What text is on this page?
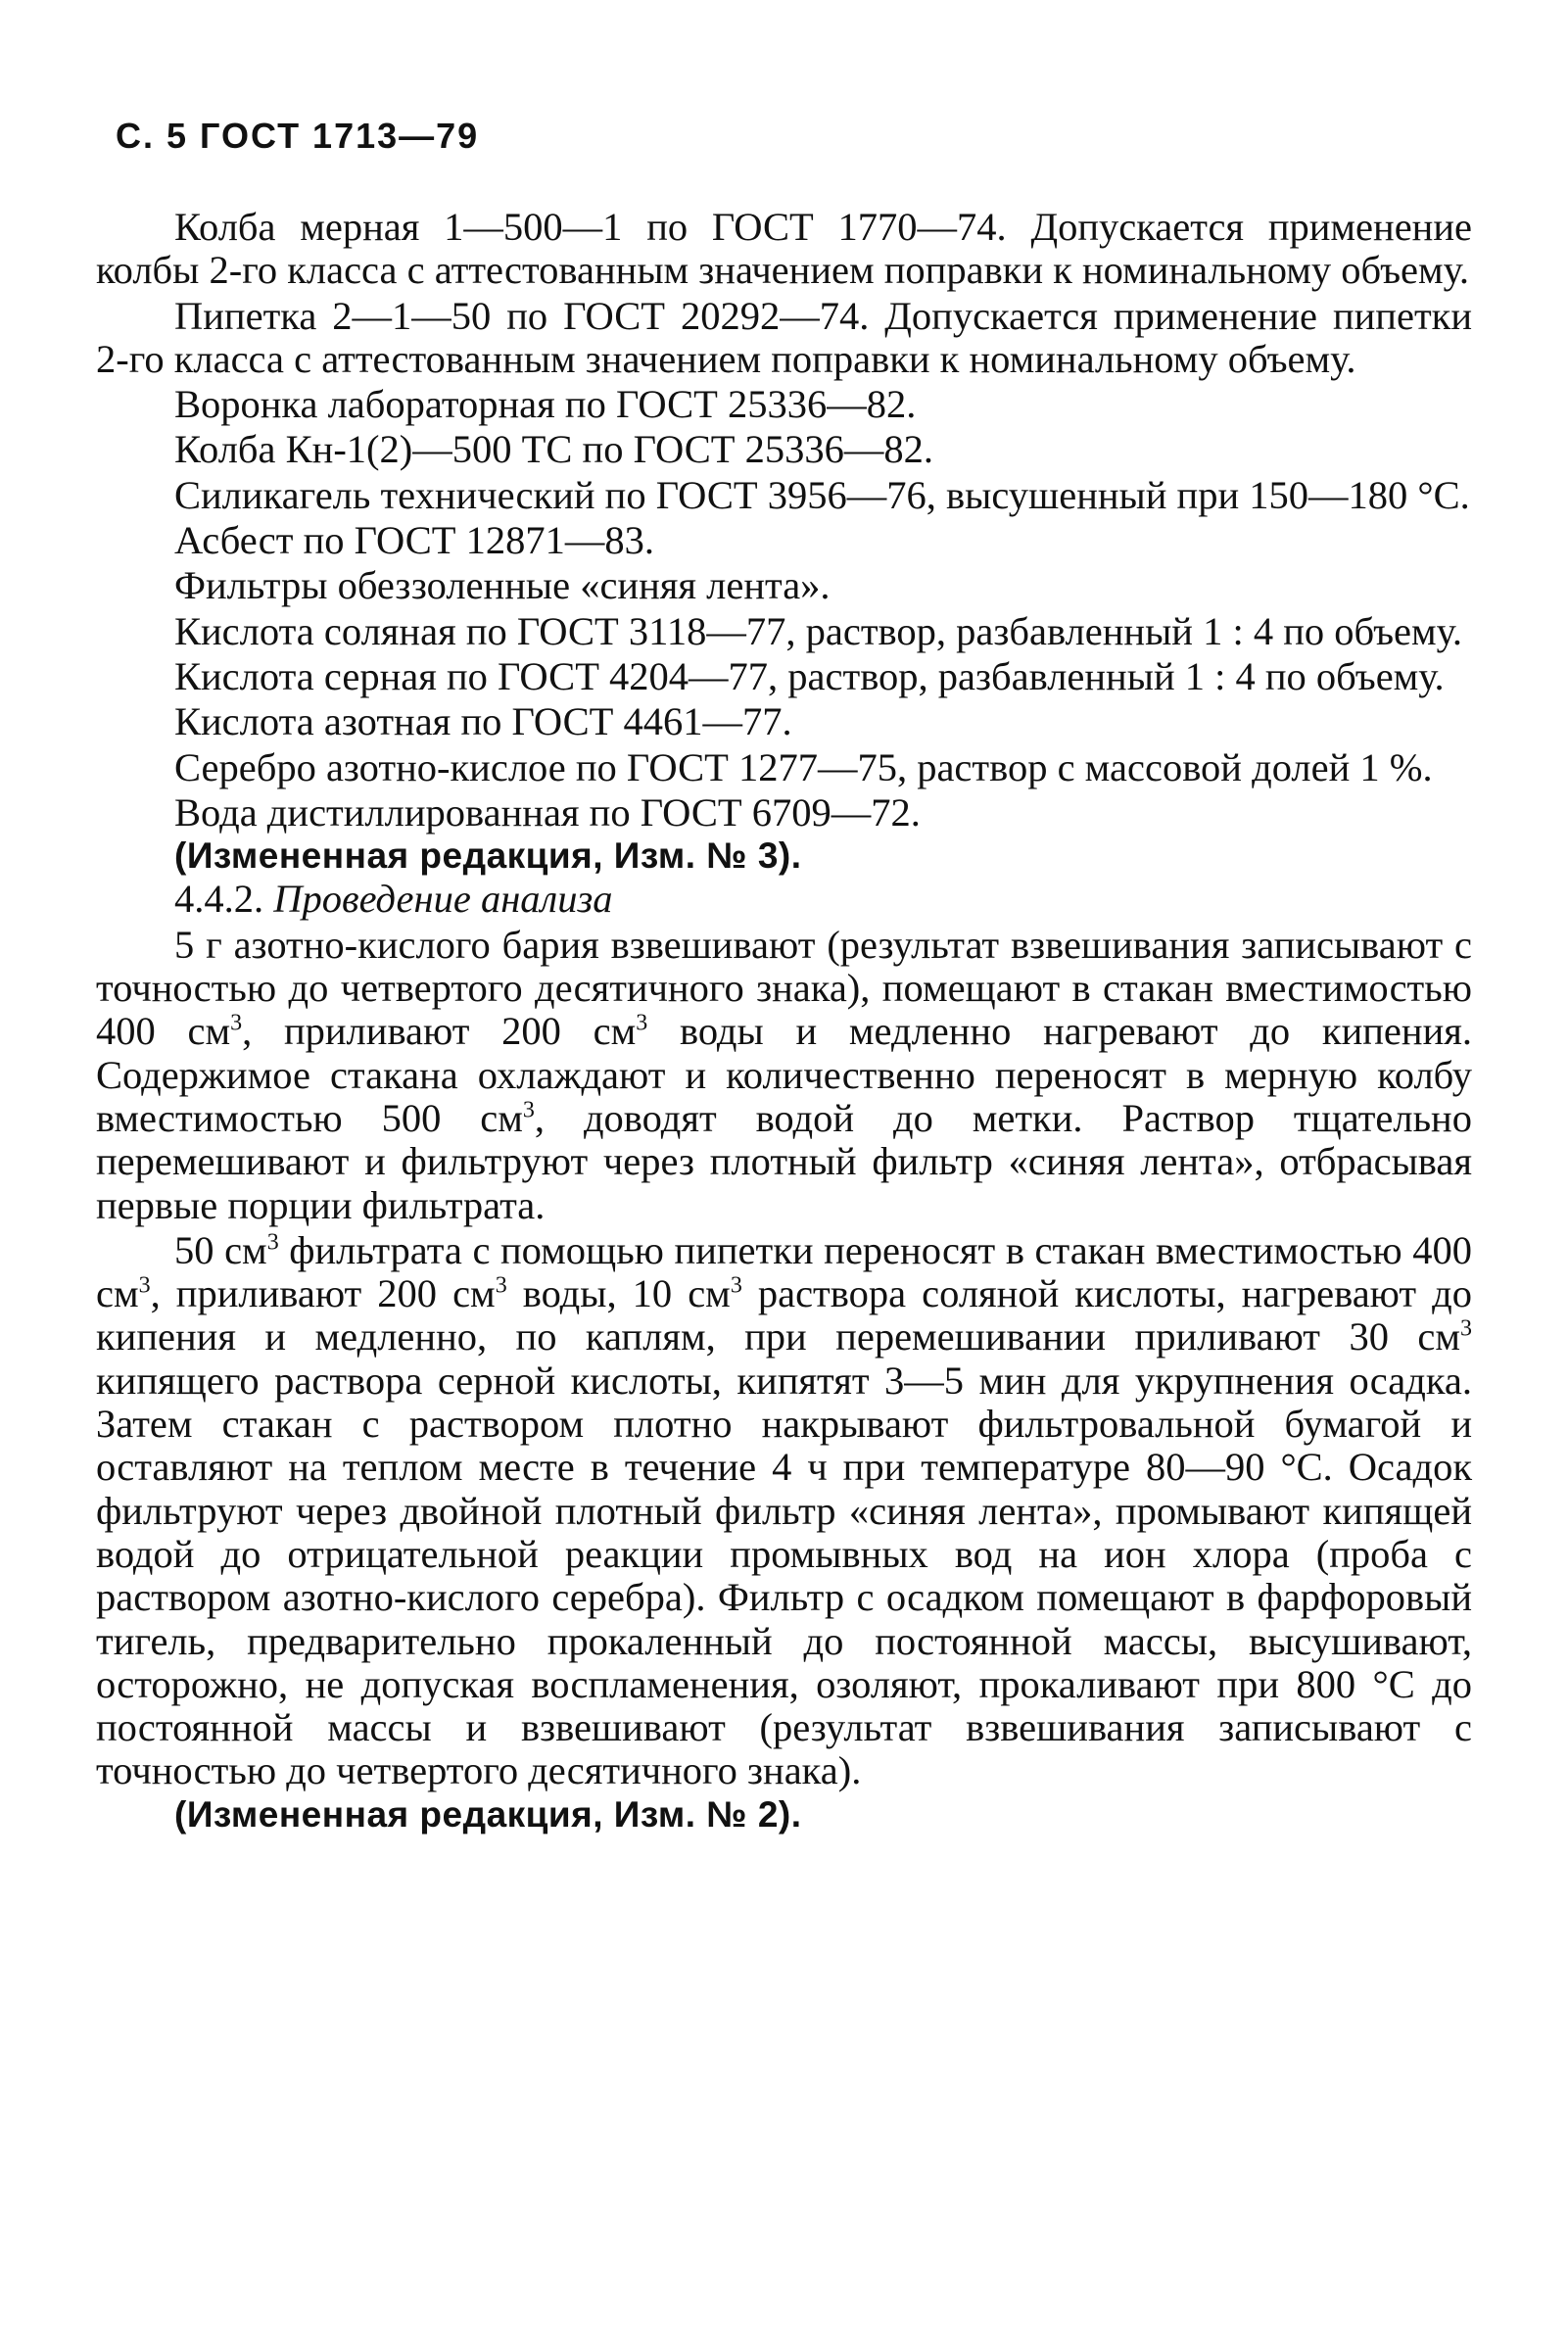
С. 5 ГОСТ 1713—79

Колба мерная 1—500—1 по ГОСТ 1770—74. Допускается применение колбы 2-го класса с аттестованным значением поправки к номинальному объему.

Пипетка 2—1—50 по ГОСТ 20292—74. Допускается применение пипетки 2-го класса с аттестованным значением поправки к номинальному объему.

Воронка лабораторная по ГОСТ 25336—82.

Колба Кн-1(2)—500 ТС по ГОСТ 25336—82.

Силикагель технический по ГОСТ 3956—76, высушенный при 150—180 °С.

Асбест по ГОСТ 12871—83.

Фильтры обеззоленные «синяя лента».

Кислота соляная по ГОСТ 3118—77, раствор, разбавленный 1 : 4 по объему.

Кислота серная по ГОСТ 4204—77, раствор, разбавленный 1 : 4 по объему.

Кислота азотная по ГОСТ 4461—77.

Серебро азотно-кислое по ГОСТ 1277—75, раствор с массовой долей 1 %.

Вода дистиллированная по ГОСТ 6709—72.

(Измененная редакция, Изм. № 3).

4.4.2. Проведение анализа

5 г азотно-кислого бария взвешивают (результат взвешивания записывают с точностью до четвертого десятичного знака), помещают в стакан вместимостью 400 $см^3$, приливают 200 $см^3$ воды и медленно нагревают до кипения. Содержимое стакана охлаждают и количественно переносят в мерную колбу вместимостью 500 $см^3$, доводят водой до метки. Раствор тщательно перемешивают и фильтруют через плотный фильтр «синяя лента», отбрасывая первые порции фильтрата.

50 $см^3$ фильтрата с помощью пипетки переносят в стакан вместимостью 400 $см^3$, приливают 200 $см^3$ воды, 10 $см^3$ раствора соляной кислоты, нагревают до кипения и медленно, по каплям, при перемешивании приливают 30 $см^3$ кипящего раствора серной кислоты, кипятят 3—5 мин для укрупнения осадка. Затем стакан с раствором плотно накрывают фильтровальной бумагой и оставляют на теплом месте в течение 4 ч при температуре 80—90 °С. Осадок фильтруют через двойной плотный фильтр «синяя лента», промывают кипящей водой до отрицательной реакции промывных вод на ион хлора (проба с раствором азотно-кислого серебра). Фильтр с осадком помещают в фарфоровый тигель, предварительно прокаленный до постоянной массы, высушивают, осторожно, не допуская воспламенения, озоляют, прокаливают при 800 °С до постоянной массы и взвешивают (результат взвешивания записывают с точностью до четвертого десятичного знака).

(Измененная редакция, Изм. № 2).
